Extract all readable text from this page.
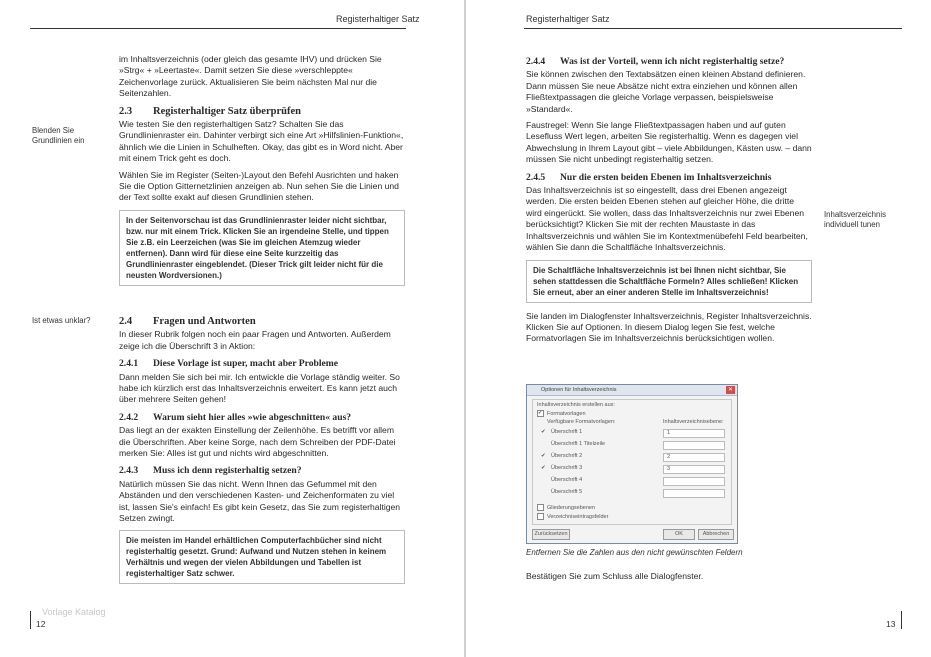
Registerhaltiger Satz
Blenden Sie Grundlinien ein
Ist etwas unklar?

im Inhaltsverzeichnis (oder gleich das gesamte IHV) und drücken Sie »Strg« + »Leertaste«. Damit setzen Sie diese »verschleppte« Zeichenvorlage zurück. Aktualisieren Sie beim nächsten Mal nur die Seitenzahlen.

2.3 Registerhaltiger Satz überprüfen

Wie testen Sie den registerhaltigen Satz? Schalten Sie das Grundlinienraster ein. Dahinter verbirgt sich eine Art »Hilfslinien-Funktion«, ähnlich wie die Linien in Schulheften. Okay, das gibt es in Word nicht. Aber mit einem Trick geht es doch.

Wählen Sie im Register (Seiten-)Layout den Befehl Ausrichten und haken Sie die Option Gitternetzlinien anzeigen ab. Nun sehen Sie die Linien und der Text sollte exakt auf diesen Grundlinien stehen.

In der Seitenvorschau ist das Grundlinienraster leider nicht sichtbar, bzw. nur mit einem Trick. Klicken Sie an irgendeine Stelle, und tippen Sie z.B. ein Leerzeichen (was Sie im gleichen Atemzug wieder entfernen). Dann wird für diese eine Seite kurzzeitig das Grundlinienraster eingeblendet. (Dieser Trick gilt leider nicht für die neusten Wordversionen.)
2.4 Fragen und Antworten

In dieser Rubrik folgen noch ein paar Fragen und Antworten. Außerdem zeige ich die Überschrift 3 in Aktion:

2.4.1 Diese Vorlage ist super, macht aber Probleme

Dann melden Sie sich bei mir. Ich entwickle die Vorlage ständig weiter. So habe ich kürzlich erst das Inhaltsverzeichnis erweitert. Es kann jetzt auch über mehrere Seiten gehen!

2.4.2 Warum sieht hier alles »wie abgeschnitten« aus?

Das liegt an der exakten Einstellung der Zeilenhöhe. Es betrifft vor allem die Überschriften. Aber keine Sorge, nach dem Schreiben der PDF-Datei merken Sie: Alles ist gut und nichts wird abgeschnitten.

2.4.3 Muss ich denn registerhaltig setzen?

Natürlich müssen Sie das nicht. Wenn Ihnen das Gefummel mit den Abständen und den verschiedenen Kasten- und Zeichenformaten zu viel ist, lassen Sie's einfach! Es gibt kein Gesetz, das Sie zum registerhaltigen Setzen zwingt.

Die meisten im Handel erhältlichen Computerfachbücher sind nicht registerhaltig gesetzt. Grund: Aufwand und Nutzen stehen in keinem Verhältnis und wegen der vielen Abbildungen und Tabellen ist registerhaltiger Satz schwer.
Vorlage Katalog
12
Registerhaltiger Satz
Inhaltsverzeichnis individuell tunen
2.4.4 Was ist der Vorteil, wenn ich nicht registerhaltig setze?

Sie können zwischen den Textabsätzen einen kleinen Abstand definieren. Dann müssen Sie neue Absätze nicht extra einziehen und können allen Fließtextpassagen die gleiche Vorlage verpassen, beispielsweise »Standard«.

Faustregel: Wenn Sie lange Fließtextpassagen haben und auf guten Lesefluss Wert legen, arbeiten Sie registerhaltig. Wenn es dagegen viel Abwechslung in Ihrem Layout gibt – viele Abbildungen, Kästen usw. – dann müssen Sie nicht unbedingt registerhaltig setzen.

2.4.5 Nur die ersten beiden Ebenen im Inhaltsverzeichnis

Das Inhaltsverzeichnis ist so eingestellt, dass drei Ebenen angezeigt werden. Die ersten beiden Ebenen stehen auf gleicher Höhe, die dritte wird eingerückt. Sie wollen, dass das Inhaltsverzeichnis nur zwei Ebenen berücksichtigt? Klicken Sie mit der rechten Maustaste in das Inhaltsverzeichnis und wählen Sie im Kontextmenübefehl Feld bearbeiten, wählen Sie dann die Schaltfläche Inhaltsverzeichnis.

Die Schaltfläche Inhaltsverzeichnis ist bei Ihnen nicht sichtbar, Sie sehen stattdessen die Schaltfläche Formeln? Alles schließen! Klicken Sie erneut, aber an einer anderen Stelle im Inhaltsverzeichnis!

Sie landen im Dialogfenster Inhaltsverzeichnis, Register Inhaltsverzeichnis. Klicken Sie auf Optionen. In diesem Dialog legen Sie fest, welche Formatvorlagen Sie im Inhaltsverzeichnis berücksichtigen wollen.

Optionen für Inhaltsverzeichnis	✕
Inhaltsverzeichnis erstellen aus:
✔ Formatvorlagen
Verfügbare Formatvorlagen:	Inhaltsverzeichnisebene:
✔ Überschrift 1	1
Überschrift 1 Titelzeile
✔ Überschrift 2	2
✔ Überschrift 3	3
Überschrift 4
Überschrift 5
Gliederungsebenen
Verzeichniseintragsfelder
Zurücksetzen	OK	Abbrechen
Entfernen Sie die Zahlen aus den nicht gewünschten Feldern
Bestätigen Sie zum Schluss alle Dialogfenster.
13
